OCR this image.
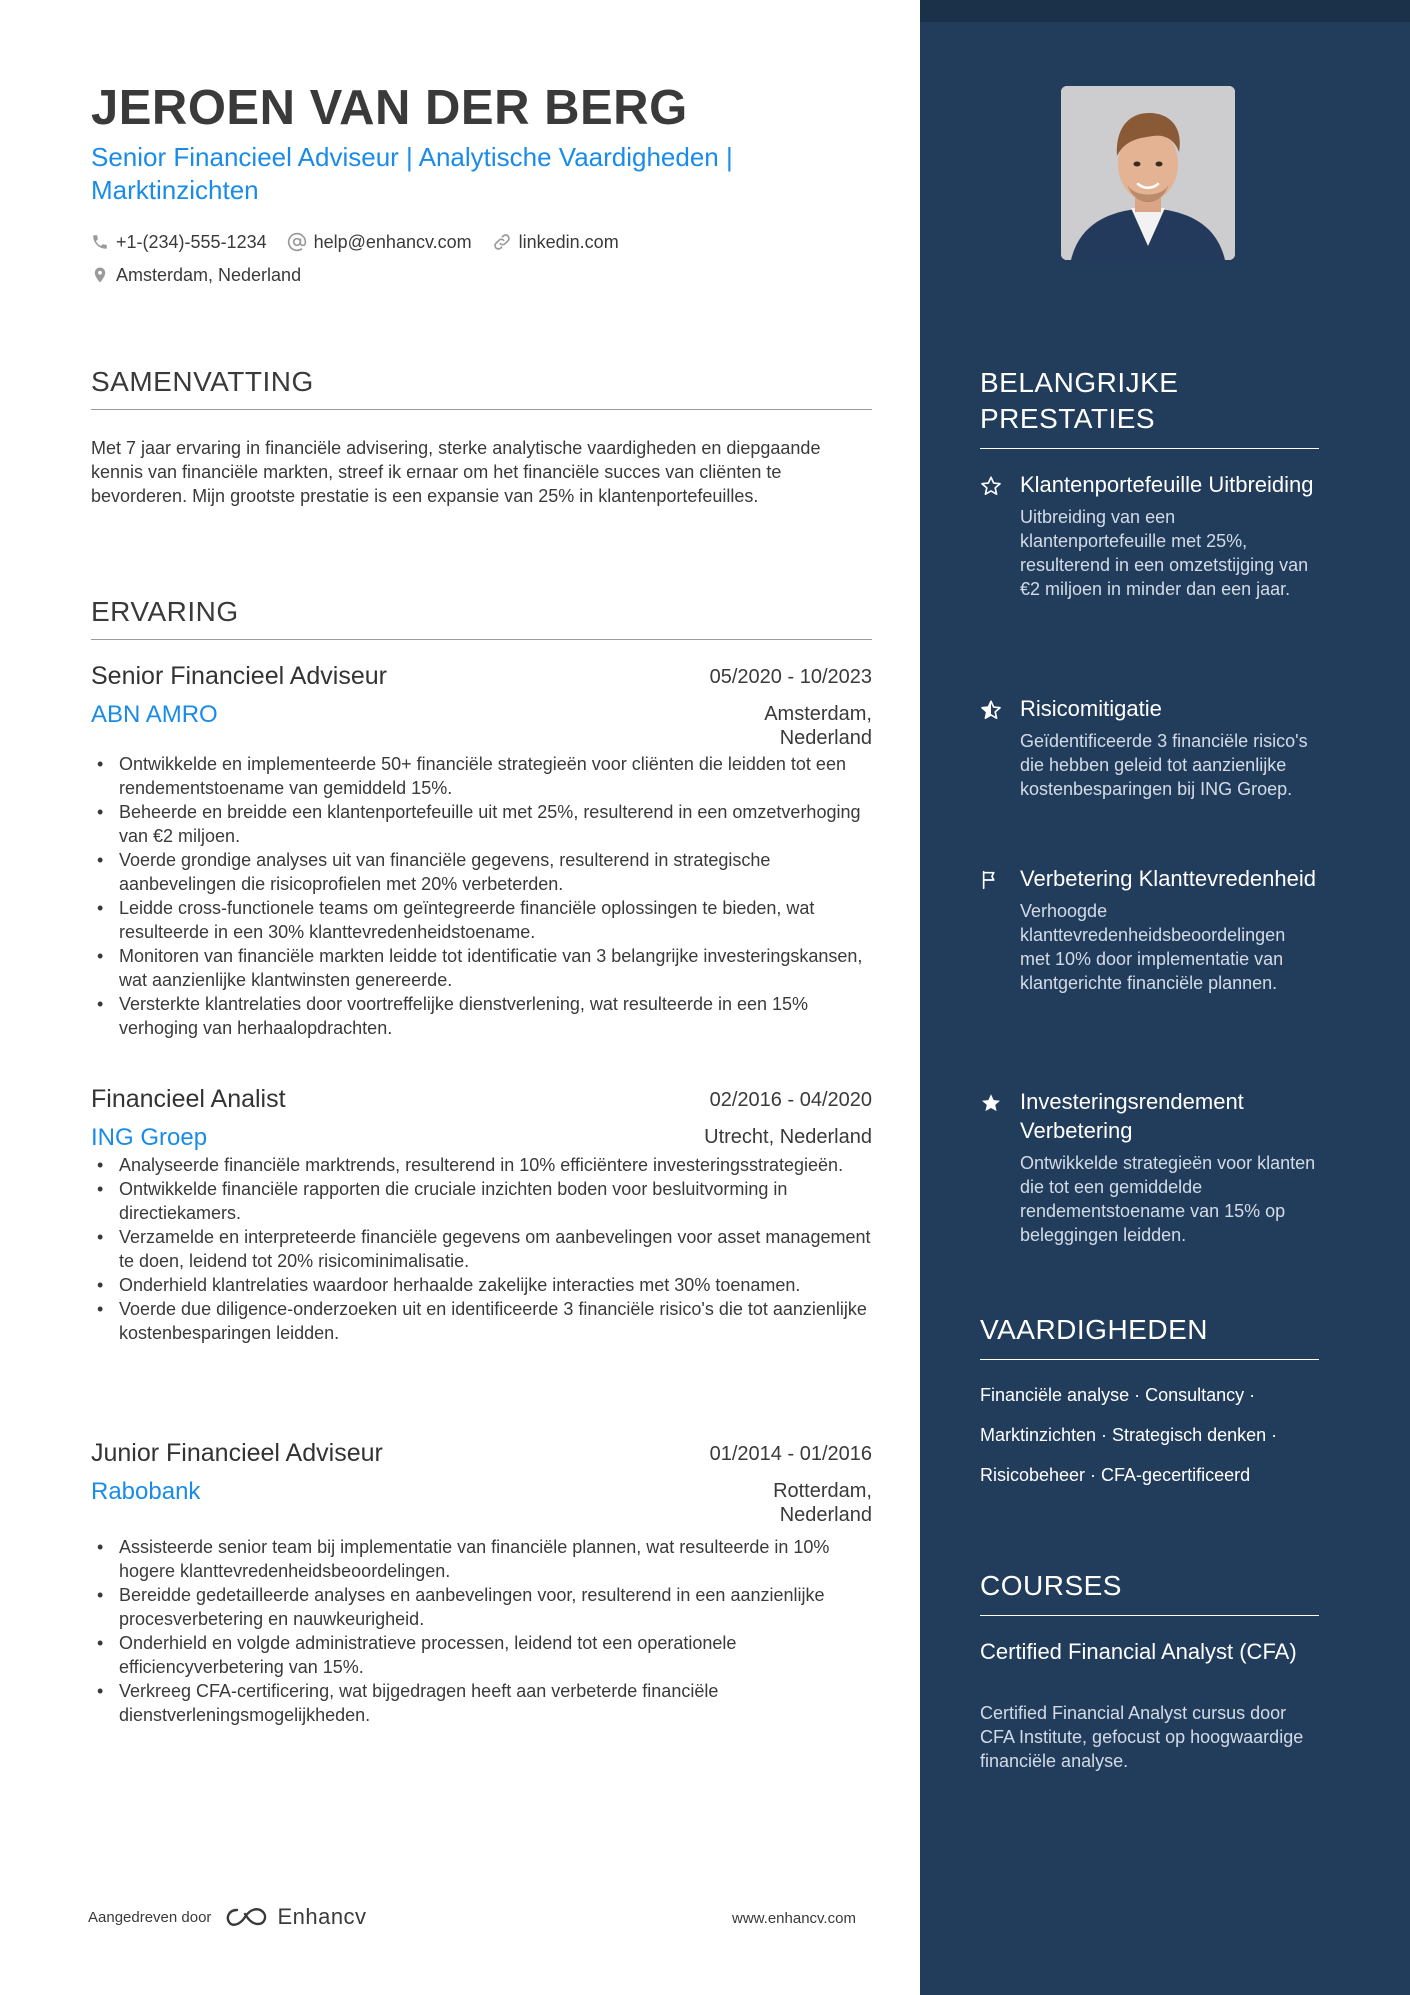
JEROEN VAN DER BERG
Senior Financieel Adviseur | Analytische Vaardigheden | Marktinzichten
+1-(234)-555-1234	help@enhancv.com	linkedin.com
Amsterdam, Nederland
SAMENVATTING
Met 7 jaar ervaring in financiële advisering, sterke analytische vaardigheden en diepgaande kennis van financiële markten, streef ik ernaar om het financiële succes van cliënten te bevorderen. Mijn grootste prestatie is een expansie van 25% in klantenportefeuilles.
ERVARING
Senior Financieel Adviseur	05/2020 - 10/2023
ABN AMRO	Amsterdam, Nederland
• Ontwikkelde en implementeerde 50+ financiële strategieën voor cliënten die leidden tot een rendementstoename van gemiddeld 15%.
• Beheerde en breidde een klantenportefeuille uit met 25%, resulterend in een omzetverhoging van €2 miljoen.
• Voerde grondige analyses uit van financiële gegevens, resulterend in strategische aanbevelingen die risicoprofielen met 20% verbeterden.
• Leidde cross-functionele teams om geïntegreerde financiële oplossingen te bieden, wat resulteerde in een 30% klanttevredenheidstoename.
• Monitoren van financiële markten leidde tot identificatie van 3 belangrijke investeringskansen, wat aanzienlijke klantwinsten genereerde.
• Versterkte klantrelaties door voortreffelijke dienstverlening, wat resulteerde in een 15% verhoging van herhaalopdrachten.
Financieel Analist	02/2016 - 04/2020
ING Groep	Utrecht, Nederland
• Analyseerde financiële marktrends, resulterend in 10% efficiëntere investeringsstrategieën.
• Ontwikkelde financiële rapporten die cruciale inzichten boden voor besluitvorming in directiekamers.
• Verzamelde en interpreteerde financiële gegevens om aanbevelingen voor asset management te doen, leidend tot 20% risicominimalisatie.
• Onderhield klantrelaties waardoor herhaalde zakelijke interacties met 30% toenamen.
• Voerde due diligence-onderzoeken uit en identificeerde 3 financiële risico's die tot aanzienlijke kostenbesparingen leidden.
Junior Financieel Adviseur	01/2014 - 01/2016
Rabobank	Rotterdam, Nederland
• Assisteerde senior team bij implementatie van financiële plannen, wat resulteerde in 10% hogere klanttevredenheidsbeoordelingen.
• Bereidde gedetailleerde analyses en aanbevelingen voor, resulterend in een aanzienlijke procesverbetering en nauwkeurigheid.
• Onderhield en volgde administratieve processen, leidend tot een operationele efficiencyverbetering van 15%.
• Verkreeg CFA-certificering, wat bijgedragen heeft aan verbeterde financiële dienstverleningsmogelijkheden.
BELANGRIJKE PRESTATIES
Klantenportefeuille Uitbreiding
Uitbreiding van een klantenportefeuille met 25%, resulterend in een omzetstijging van €2 miljoen in minder dan een jaar.
Risicomitigatie
Geïdentificeerde 3 financiële risico's die hebben geleid tot aanzienlijke kostenbesparingen bij ING Groep.
Verbetering Klanttevredenheid
Verhoogde klanttevredenheidsbeoordelingen met 10% door implementatie van klantgerichte financiële plannen.
Investeringsrendement Verbetering
Ontwikkelde strategieën voor klanten die tot een gemiddelde rendementstoename van 15% op beleggingen leidden.
VAARDIGHEDEN
Financiële analyse · Consultancy ·
Marktinzichten · Strategisch denken ·
Risicobeheer · CFA-gecertificeerd
COURSES
Certified Financial Analyst (CFA)
Certified Financial Analyst cursus door CFA Institute, gefocust op hoogwaardige financiële analyse.
Aangedreven door	Enhancv	www.enhancv.com
